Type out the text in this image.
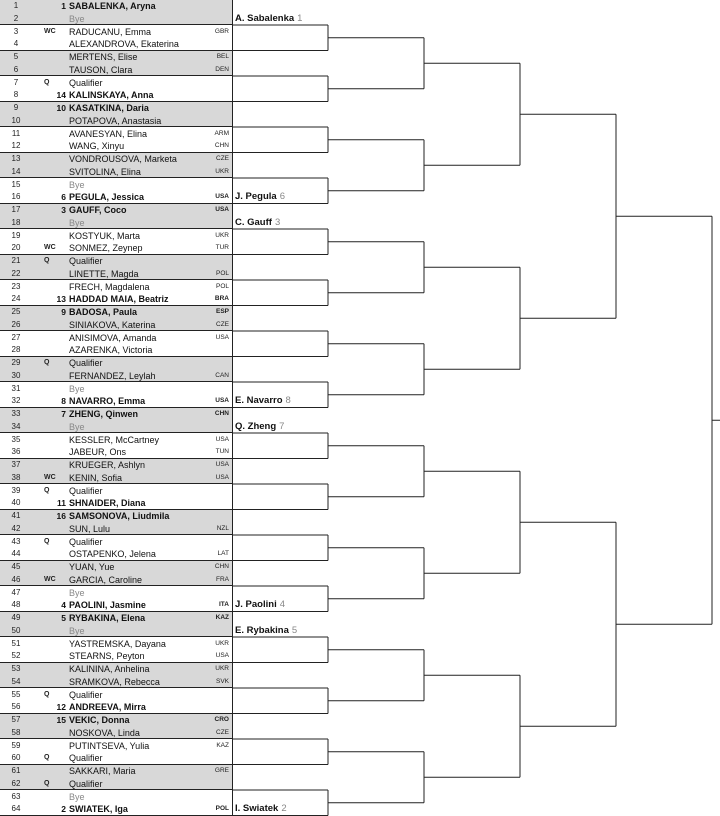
1	1 SABALENKA, Aryna
2	Bye
3	WC RADUCANU, Emma	GBR
4	ALEXANDROVA, Ekaterina
5	MERTENS, Elise	BEL
6	TAUSON, Clara	DEN
7	Q Qualifier
8	14 KALINSKAYA, Anna
9	10 KASATKINA, Daria
10	POTAPOVA, Anastasia
11	AVANESYAN, Elina	ARM
12	WANG, Xinyu	CHN
13	VONDROUSOVA, Marketa	CZE
14	SVITOLINA, Elina	UKR
15	Bye
16	6 PEGULA, Jessica	USA
17	3 GAUFF, Coco	USA
18	Bye
19	KOSTYUK, Marta	UKR
20	WC SONMEZ, Zeynep	TUR
21	Q Qualifier
22	LINETTE, Magda	POL
23	FRECH, Magdalena	POL
24	13 HADDAD MAIA, Beatriz	BRA
25	9 BADOSA, Paula	ESP
26	SINIAKOVA, Katerina	CZE
27	ANISIMOVA, Amanda	USA
28	AZARENKA, Victoria
29	Q Qualifier
30	FERNANDEZ, Leylah	CAN
31	Bye
32	8 NAVARRO, Emma	USA
33	7 ZHENG, Qinwen	CHN
34	Bye
35	KESSLER, McCartney	USA
36	JABEUR, Ons	TUN
37	KRUEGER, Ashlyn	USA
38	WC KENIN, Sofia	USA
39	Q Qualifier
40	11 SHNAIDER, Diana
41	16 SAMSONOVA, Liudmila
42	SUN, Lulu	NZL
43	Q Qualifier
44	OSTAPENKO, Jelena	LAT
45	YUAN, Yue	CHN
46	WC GARCIA, Caroline	FRA
47	Bye
48	4 PAOLINI, Jasmine	ITA
49	5 RYBAKINA, Elena	KAZ
50	Bye
51	YASTREMSKA, Dayana	UKR
52	STEARNS, Peyton	USA
53	KALININA, Anhelina	UKR
54	SRAMKOVA, Rebecca	SVK
55	Q Qualifier
56	12 ANDREEVA, Mirra
57	15 VEKIC, Donna	CRO
58	NOSKOVA, Linda	CZE
59	PUTINTSEVA, Yulia	KAZ
60	Q Qualifier
61	SAKKARI, Maria	GRE
62	Q Qualifier
63	Bye
64	2 SWIATEK, Iga	POL
A. Sabalenka 1
J. Pegula 6
C. Gauff 3
E. Navarro 8
Q. Zheng 7
J. Paolini 4
E. Rybakina 5
I. Swiatek 2
